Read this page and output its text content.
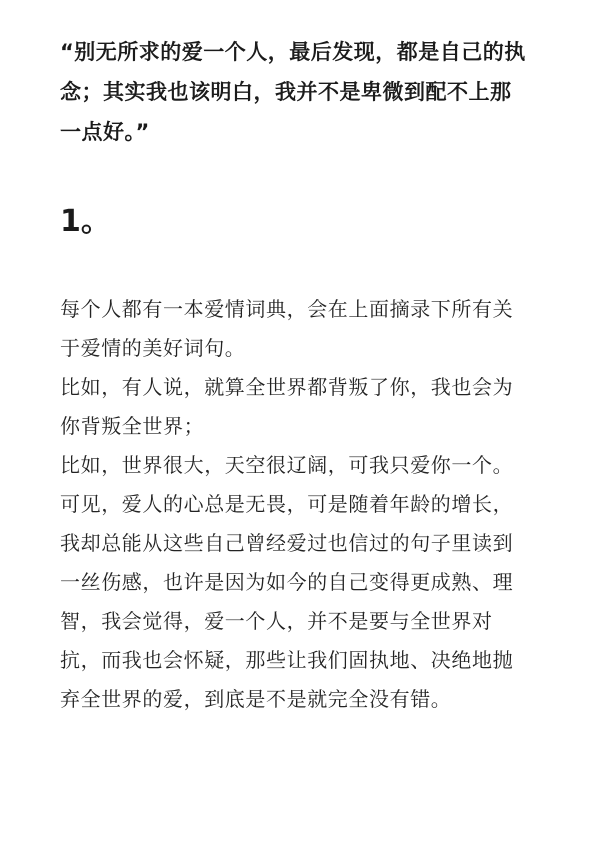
“别无所求的爱一个人，最后发现，都是自己的执念；其实我也该明白，我并不是卑微到配不上那一点好。”

1。

每个人都有一本爱情词典，会在上面摘录下所有关于爱情的美好词句。

比如，有人说，就算全世界都背叛了你，我也会为你背叛全世界；

比如，世界很大，天空很辽阔，可我只爱你一个。

可见，爱人的心总是无畏，可是随着年龄的增长，我却总能从这些自己曾经爱过也信过的句子里读到一丝伤感，也许是因为如今的自己变得更成熟、理智，我会觉得，爱一个人，并不是要与全世界对抗，而我也会怀疑，那些让我们固执地、决绝地抛弃全世界的爱，到底是不是就完全没有错。
